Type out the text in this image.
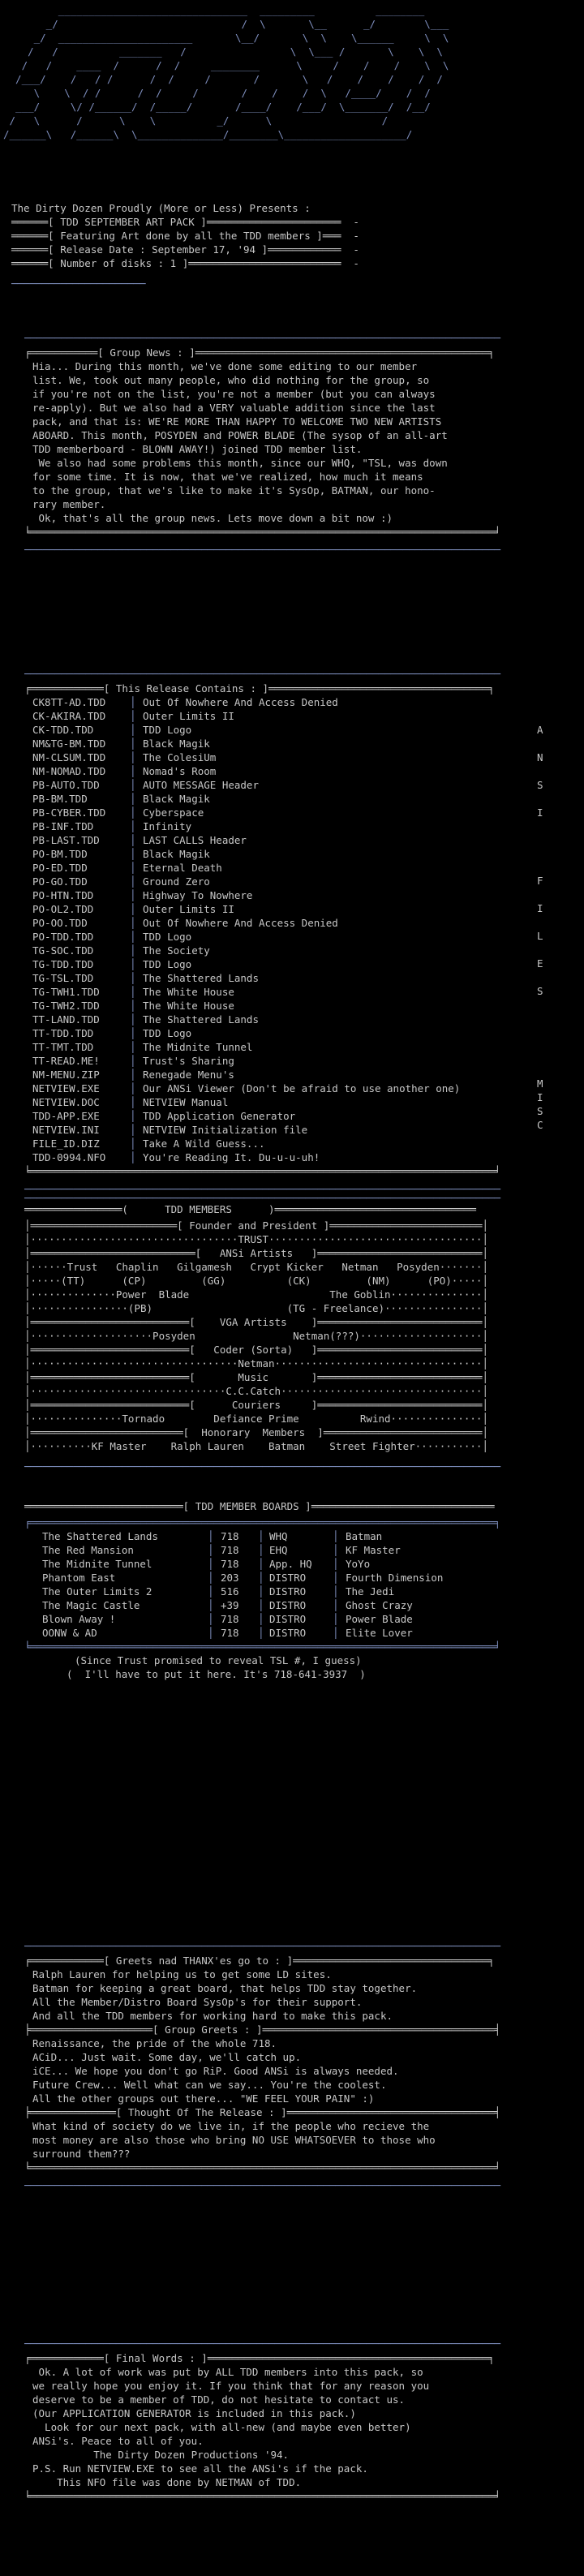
_______________________________  _________          ________
_/                              /  \       \__      _/        \___
_/  ______________________       \__/       \  \    \______     \  \
/   /          _______   /                 \  \___ /       \    \  \
/   /    ____  /      /  /     ________      \     /    /    /    \  \
/___/    /   / /      /  /     /       /       \   /    /    /    /  /
\    \  / /      /  /     /       /    /    /  \   /____/    /  /
___/     \/ /______/  /_____/       /____/    /___/  \_______/  /__/
/   \      /      \    \          _/      \                  /
/______\   /______\  \______________/________\____________________/
The Dirty Dozen Proudly (More or Less) Presents :
══════[ TDD SEPTEMBER ART PACK ]══════════════════════  -
══════[ Featuring Art done by all the TDD members ]═══  -
══════[ Release Date : September 17, '94 ]════════════  -
══════[ Number of disks : 1 ]═════════════════════════  -
──────────────────────
──────────────────────────────────────────────────────────────────────────────
╒═══════════[ Group News : ]════════════════════════════════════════════════╕
Hia... During this month, we've done some editing to our member
list. We, took out many people, who did nothing for the group, so
if you're not on the list, you're not a member (but you can always
re-apply). But we also had a VERY valuable addition since the last
pack, and that is: WE'RE MORE THAN HAPPY TO WELCOME TWO NEW ARTISTS
ABOARD. This month, POSYDEN and POWER BLADE (The sysop of an all-art
TDD memberboard - BLOWN AWAY!) joined TDD member list.
We also had some problems this month, since our WHQ, "TSL, was down
for some time. It is now, that we've realized, how much it means
to the group, that we's like to make it's SysOp, BATMAN, our hono-
rary member.
Ok, that's all the group news. Lets move down a bit now :)
╘════════════════════════════════════════════════════════════════════════════╛
──────────────────────────────────────────────────────────────────────────────
──────────────────────────────────────────────────────────────────────────────
╒════════════[ This Release Contains : ]════════════════════════════════════╕
CK8TT-AD.TDD │ Out Of Nowhere And Access Denied
CK-AKIRA.TDD │ Outer Limits II
CK-TDD.TDD	│ TDD Logo
NM&TG-BM.TDD │ Black Magik
NM-CLSUM.TDD │ The ColesiUm
NM-NOMAD.TDD │ Nomad's Room
PB-AUTO.TDD	│ AUTO MESSAGE Header
PB-BM.TDD	│ Black Magik
PB-CYBER.TDD │ Cyberspace
PB-INF.TDD	│ Infinity
PB-LAST.TDD	│ LAST CALLS Header
PO-BM.TDD	│ Black Magik
PO-ED.TDD	│ Eternal Death
PO-GO.TDD	│ Ground Zero
PO-HTN.TDD	│ Highway To Nowhere
PO-OL2.TDD	│ Outer Limits II
PO-OO.TDD	│ Out Of Nowhere And Access Denied
PO-TDD.TDD	│ TDD Logo
TG-SOC.TDD	│ The Society
TG-TDD.TDD	│ TDD Logo
TG-TSL.TDD	│ The Shattered Lands
TG-TWH1.TDD	│ The White House
TG-TWH2.TDD	│ The White House
TT-LAND.TDD	│ The Shattered Lands
TT-TDD.TDD	│ TDD Logo
TT-TMT.TDD	│ The Midnite Tunnel
TT-READ.ME!	│ Trust's Sharing
NM-MENU.ZIP	│ Renegade Menu's
NETVIEW.EXE	│ Our ANSi Viewer (Don't be afraid to use another one)
NETVIEW.DOC	│ NETVIEW Manual
TDD-APP.EXE	│ TDD Application Generator
NETVIEW.INI	│ NETVIEW Initialization file
FILE_ID.DIZ	│ Take A Wild Guess...
TDD-0994.NFO │ You're Reading It. Du-u-u-uh!
A
N
S
I
F
I
L
E
S
M
I
S
C
╘════════════════════════════════════════════════════════════════════════════╛
──────────────────────────────────────────────────────────────────────────────
──────────────────────────────────────────────────────────────────────────────
════════════════(      TDD MEMBERS      )═════════════════════════════════
│════════════════════════[ Founder and President ]═════════════════════════│
│··································TRUST···································│
│═══════════════════════════[   ANSi Artists   ]═══════════════════════════│
│······Trust   Chaplin   Gilgamesh   Crypt Kicker   Netman   Posyden·······│
│·····(TT)      (CP)         (GG)          (CK)         (NM)      (PO)·····│
│··············Power  Blade                       The Goblin···············│
│················(PB)                      (TG - Freelance)················│
│══════════════════════════[    VGA Artists    ]═══════════════════════════│
│····················Posyden                Netman(???)····················│
│══════════════════════════[   Coder (Sorta)   ]═══════════════════════════│
│··································Netman··································│
│══════════════════════════[       Music       ]═══════════════════════════│
│································C.C.Catch·································│
│══════════════════════════[      Couriers     ]═══════════════════════════│
│···············Tornado        Defiance Prime          Rwind···············│
│═════════════════════════[  Honorary  Members  ]══════════════════════════│
│··········KF Master    Ralph Lauren    Batman    Street Fighter···········│
──────────────────────────────────────────────────────────────────────────────
══════════════════════════[ TDD MEMBER BOARDS ]══════════════════════════════
╒════════════════════════════════════════════════════════════════════════════╕
The Shattered Lands	│ 718 │ WHQ	│ Batman
The Red Mansion	│ 718 │ EHQ	│ KF Master
The Midnite Tunnel	│ 718 │ App. HQ │ YoYo
Phantom East	│ 203 │ DISTRO	│ Fourth Dimension
The Outer Limits 2	│ 516 │ DISTRO	│ The Jedi
The Magic Castle	│ +39 │ DISTRO	│ Ghost Crazy
Blown Away !	│ 718 │ DISTRO	│ Power Blade
OONW & AD	│ 718 │ DISTRO	│ Elite Lover
╘════════════════════════════════════════════════════════════════════════════╛
(Since Trust promised to reveal TSL #, I guess)
(  I'll have to put it here. It's 718-641-3937  )
──────────────────────────────────────────────────────────────────────────────
╒════════════[ Greets nad THANX'es go to : ]════════════════════════════════╕
Ralph Lauren for helping us to get some LD sites.
Batman for keeping a great board, that helps TDD stay together.
All the Member/Distro Board SysOp's for their support.
And all the TDD members for working hard to make this pack.
╞════════════════════[ Group Greets : ]══════════════════════════════════════╡
Renaissance, the pride of the whole 718.
ACiD... Just wait. Some day, we'll catch up.
iCE... We hope you don't go RiP. Good ANSi is always needed.
Future Crew... Well what can we say... You're the coolest.
All the other groups out there... "WE FEEL YOUR PAIN" :)
╞══════════════[ Thought Of The Release : ]══════════════════════════════════╡
What kind of society do we live in, if the people who recieve the
most money are also those who bring NO USE WHATSOEVER to those who
surround them???
╘════════════════════════════════════════════════════════════════════════════╛
──────────────────────────────────────────────────────────────────────────────
──────────────────────────────────────────────────────────────────────────────
╒════════════[ Final Words : ]══════════════════════════════════════════════╕
Ok. A lot of work was put by ALL TDD members into this pack, so
we really hope you enjoy it. If you think that for any reason you
deserve to be a member of TDD, do not hesitate to contact us.
(Our APPLICATION GENERATOR is included in this pack.)
Look for our next pack, with all-new (and maybe even better)
ANSi's. Peace to all of you.
The Dirty Dozen Productions '94.
P.S. Run NETVIEW.EXE to see all the ANSi's if the pack.
This NFO file was done by NETMAN of TDD.
╘════════════════════════════════════════════════════════════════════════════╛
